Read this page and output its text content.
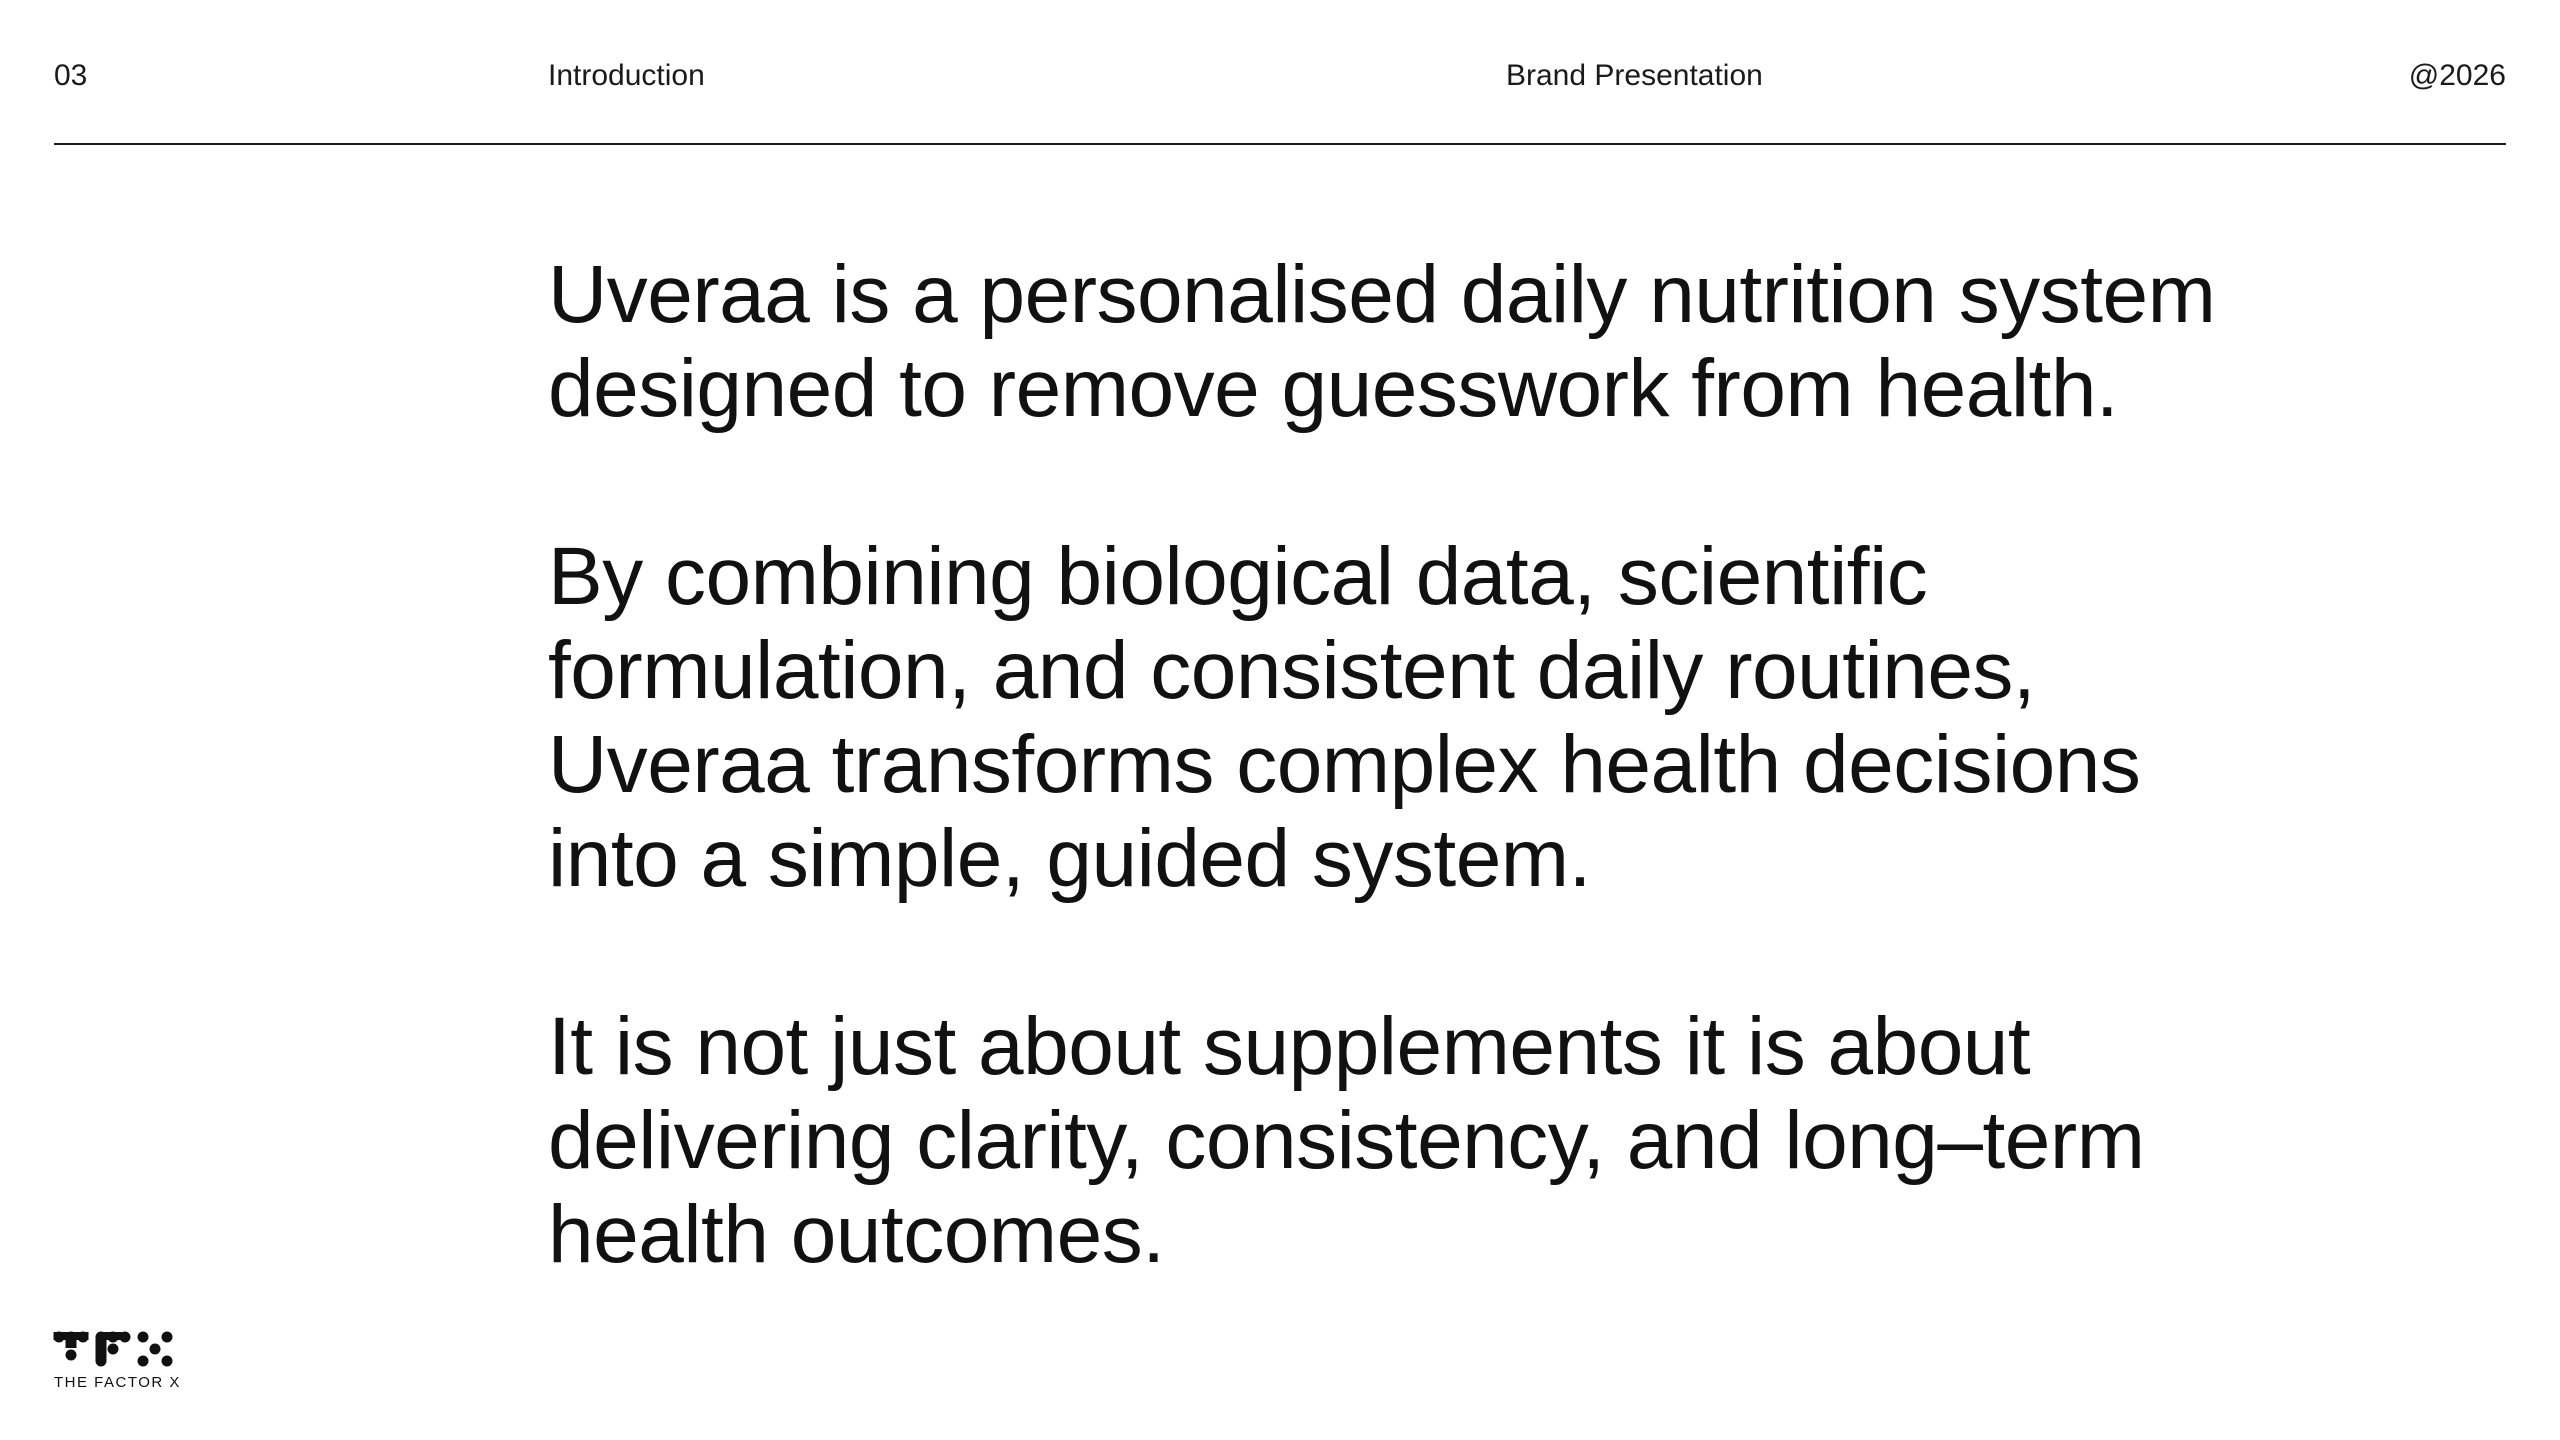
03	Introduction	Brand Presentation	@2026

Uveraa is a personalised daily nutrition system
designed to remove guesswork from health.

By combining biological data, scientific
formulation, and consistent daily routines,
Uveraa transforms complex health decisions
into a simple, guided system.

It is not just about supplements it is about
delivering clarity, consistency, and long–term
health outcomes.

THE FACTOR X
